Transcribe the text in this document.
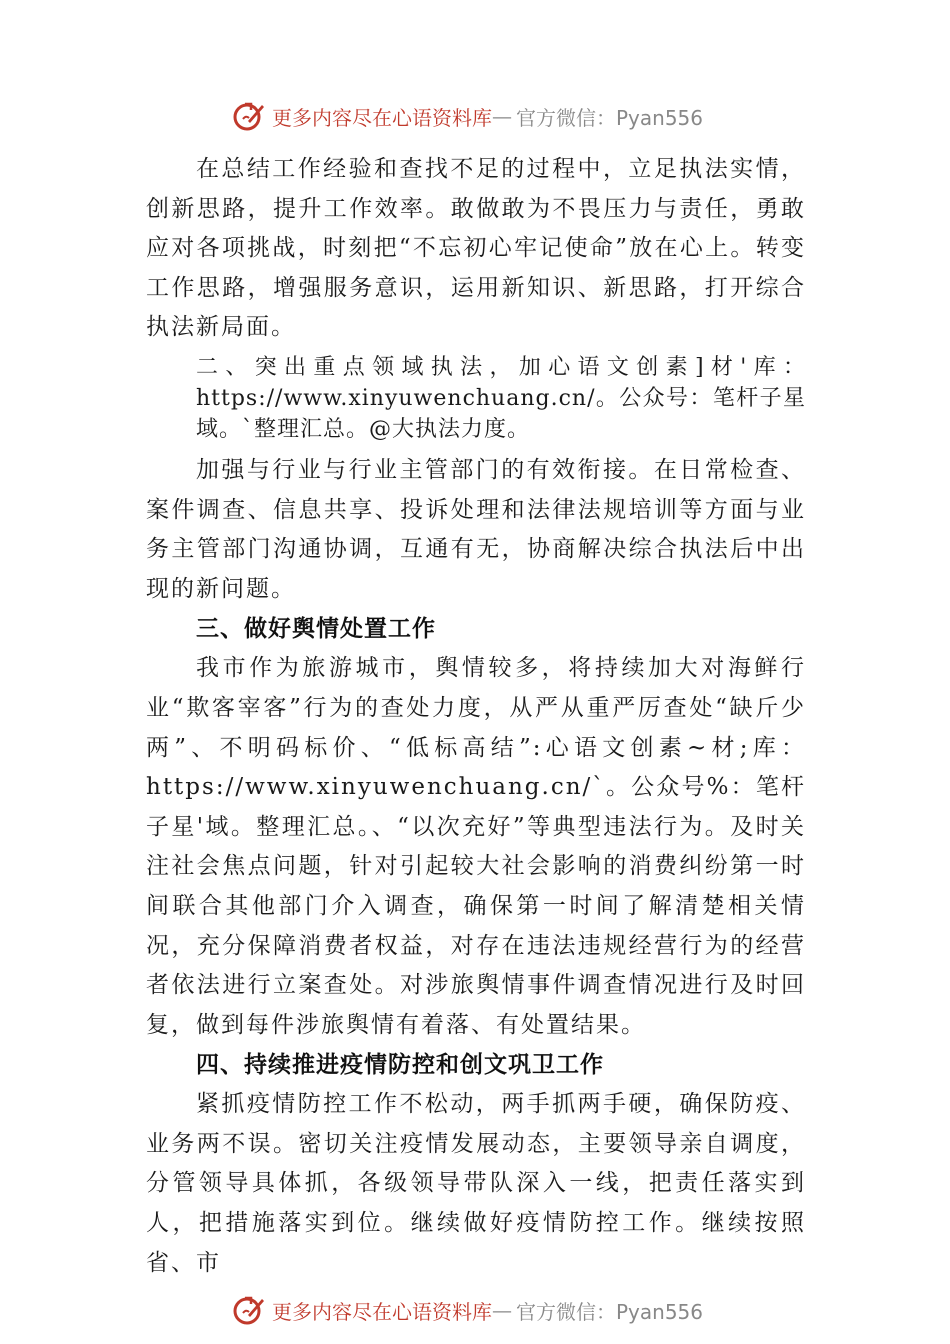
更多内容尽在心语资料库 — 官方微信：Pyan556

在总结工作经验和查找不足的过程中，立足执法实情，创新思路，提升工作效率。敢做敢为不畏压力与责任，勇敢应对各项挑战，时刻把“不忘初心牢记使命”放在心上。转变工作思路，增强服务意识，运用新知识、新思路，打开综合执法新局面。

二、突出重点领域执法，加心语文创素]材'库：https://www.xinyuwenchuang.cn/。公众号：笔杆子星域。`整理汇总。@大执法力度。

加强与行业与行业主管部门的有效衔接。在日常检查、案件调查、信息共享、投诉处理和法律法规培训等方面与业务主管部门沟通协调，互通有无，协商解决综合执法后中出现的新问题。

三、做好舆情处置工作

我市作为旅游城市，舆情较多，将持续加大对海鲜行业“欺客宰客”行为的查处力度，从严从重严厉查处“缺斤少两”、不明码标价、“低标高结”:心语文创素~材;库：https://www.xinyuwenchuang.cn/`。公众号%：笔杆子星'域。整理汇总。、“以次充好”等典型违法行为。及时关注社会焦点问题，针对引起较大社会影响的消费纠纷第一时间联合其他部门介入调查，确保第一时间了解清楚相关情况，充分保障消费者权益，对存在违法违规经营行为的经营者依法进行立案查处。对涉旅舆情事件调查情况进行及时回复，做到每件涉旅舆情有着落、有处置结果。

四、持续推进疫情防控和创文巩卫工作

紧抓疫情防控工作不松动，两手抓两手硬，确保防疫、业务两不误。密切关注疫情发展动态，主要领导亲自调度， 分管领导具体抓，各级领导带队深入一线，把责任落实到人，把措施落实到位。继续做好疫情防控工作。继续按照省、市

更多内容尽在心语资料库 — 官方微信：Pyan556
